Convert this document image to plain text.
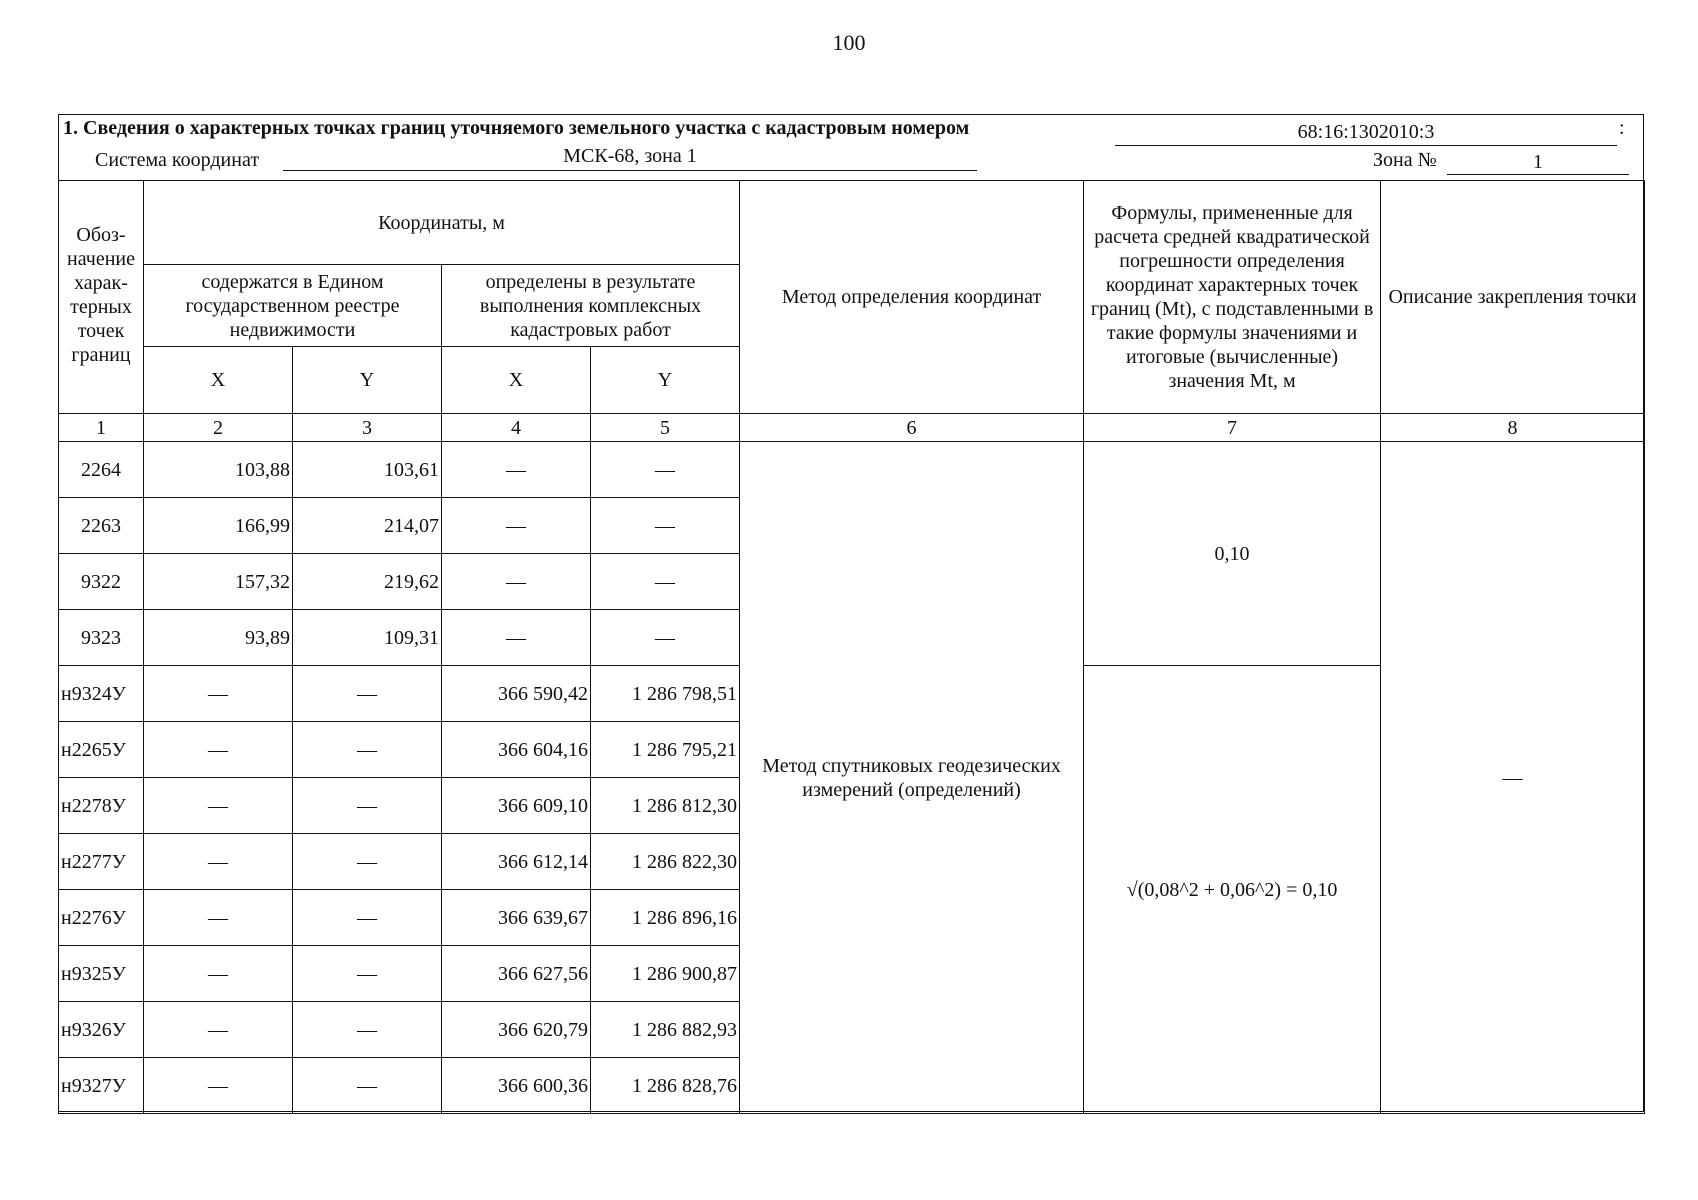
100
1. Сведения о характерных точках границ уточняемого земельного участка с кадастровым номером	68:16:1302010:3	:
Система координат	МСК-68, зона 1	Зона №	1
Обоз-начение харак-терных точек границ	Координаты, м				Метод определения координат	Формулы, примененные для расчета средней квадратической погрешности определения координат характерных точек границ (Mt), с подставленными в такие формулы значениями и итоговые (вычисленные) значения Mt, м	Описание закрепления точки
	содержатся в Едином государственном реестре недвижимости		определены в результате выполнения комплексных кадастровых работ				
	X	Y	X	Y			
1	2	3	4	5	6	7	8
2264	103,88	103,61	—	—	Метод спутниковых геодезических измерений (определений)	0,10	—
2263	166,99	214,07	—	—			
9322	157,32	219,62	—	—			
9323	93,89	109,31	—	—			
н9324У	—	—	366 590,42	1 286 798,51		√(0,08^2 + 0,06^2) = 0,10	
н2265У	—	—	366 604,16	1 286 795,21			
н2278У	—	—	366 609,10	1 286 812,30			
н2277У	—	—	366 612,14	1 286 822,30			
н2276У	—	—	366 639,67	1 286 896,16			
н9325У	—	—	366 627,56	1 286 900,87			
н9326У	—	—	366 620,79	1 286 882,93			
н9327У	—	—	366 600,36	1 286 828,76			
